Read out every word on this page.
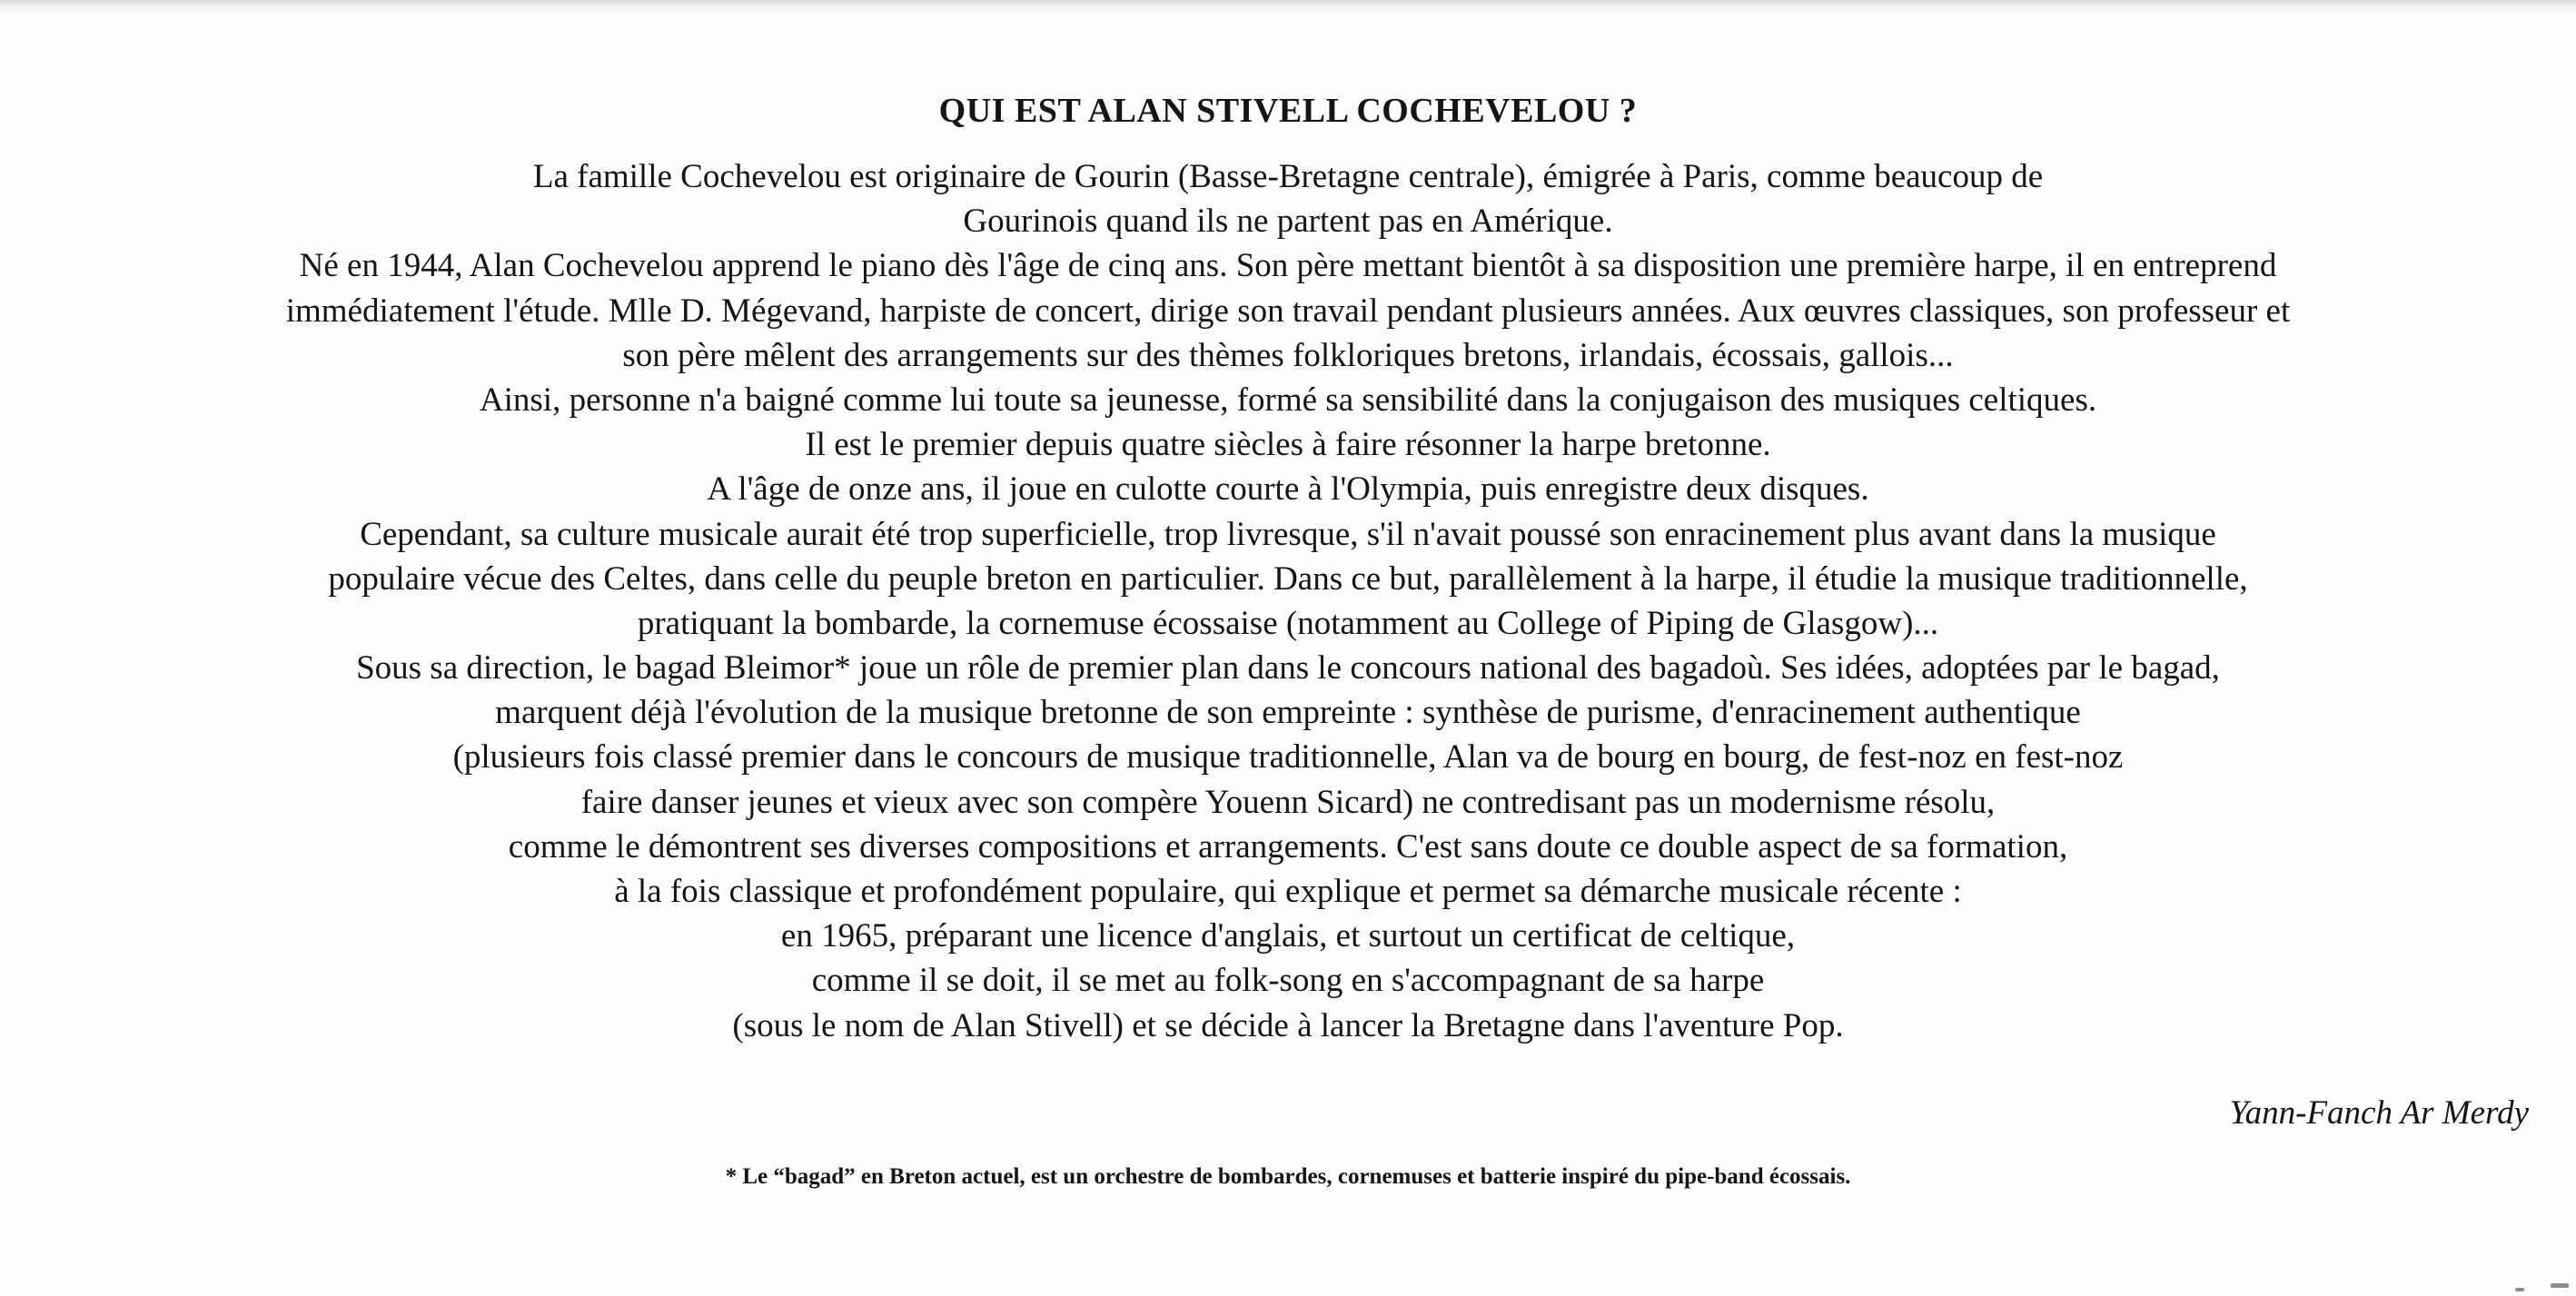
QUI EST ALAN STIVELL COCHEVELOU ?
La famille Cochevelou est originaire de Gourin (Basse-Bretagne centrale), émigrée à Paris, comme beaucoup de
Gourinois quand ils ne partent pas en Amérique.
Né en 1944, Alan Cochevelou apprend le piano dès l'âge de cinq ans. Son père mettant bientôt à sa disposition une première harpe, il en entreprend
immédiatement l'étude. Mlle D. Mégevand, harpiste de concert, dirige son travail pendant plusieurs années. Aux œuvres classiques, son professeur et
son père mêlent des arrangements sur des thèmes folkloriques bretons, irlandais, écossais, gallois...
Ainsi, personne n'a baigné comme lui toute sa jeunesse, formé sa sensibilité dans la conjugaison des musiques celtiques.
Il est le premier depuis quatre siècles à faire résonner la harpe bretonne.
A l'âge de onze ans, il joue en culotte courte à l'Olympia, puis enregistre deux disques.
Cependant, sa culture musicale aurait été trop superficielle, trop livresque, s'il n'avait poussé son enracinement plus avant dans la musique
populaire vécue des Celtes, dans celle du peuple breton en particulier. Dans ce but, parallèlement à la harpe, il étudie la musique traditionnelle,
pratiquant la bombarde, la cornemuse écossaise (notamment au College of Piping de Glasgow)...
Sous sa direction, le bagad Bleimor* joue un rôle de premier plan dans le concours national des bagadoù. Ses idées, adoptées par le bagad,
marquent déjà l'évolution de la musique bretonne de son empreinte : synthèse de purisme, d'enracinement authentique
(plusieurs fois classé premier dans le concours de musique traditionnelle, Alan va de bourg en bourg, de fest-noz en fest-noz
faire danser jeunes et vieux avec son compère Youenn Sicard) ne contredisant pas un modernisme résolu,
comme le démontrent ses diverses compositions et arrangements. C'est sans doute ce double aspect de sa formation,
à la fois classique et profondément populaire, qui explique et permet sa démarche musicale récente :
en 1965, préparant une licence d'anglais, et surtout un certificat de celtique,
comme il se doit, il se met au folk-song en s'accompagnant de sa harpe
(sous le nom de Alan Stivell) et se décide à lancer la Bretagne dans l'aventure Pop.
Yann-Fanch Ar Merdy
* Le “bagad” en Breton actuel, est un orchestre de bombardes, cornemuses et batterie inspiré du pipe-band écossais.
